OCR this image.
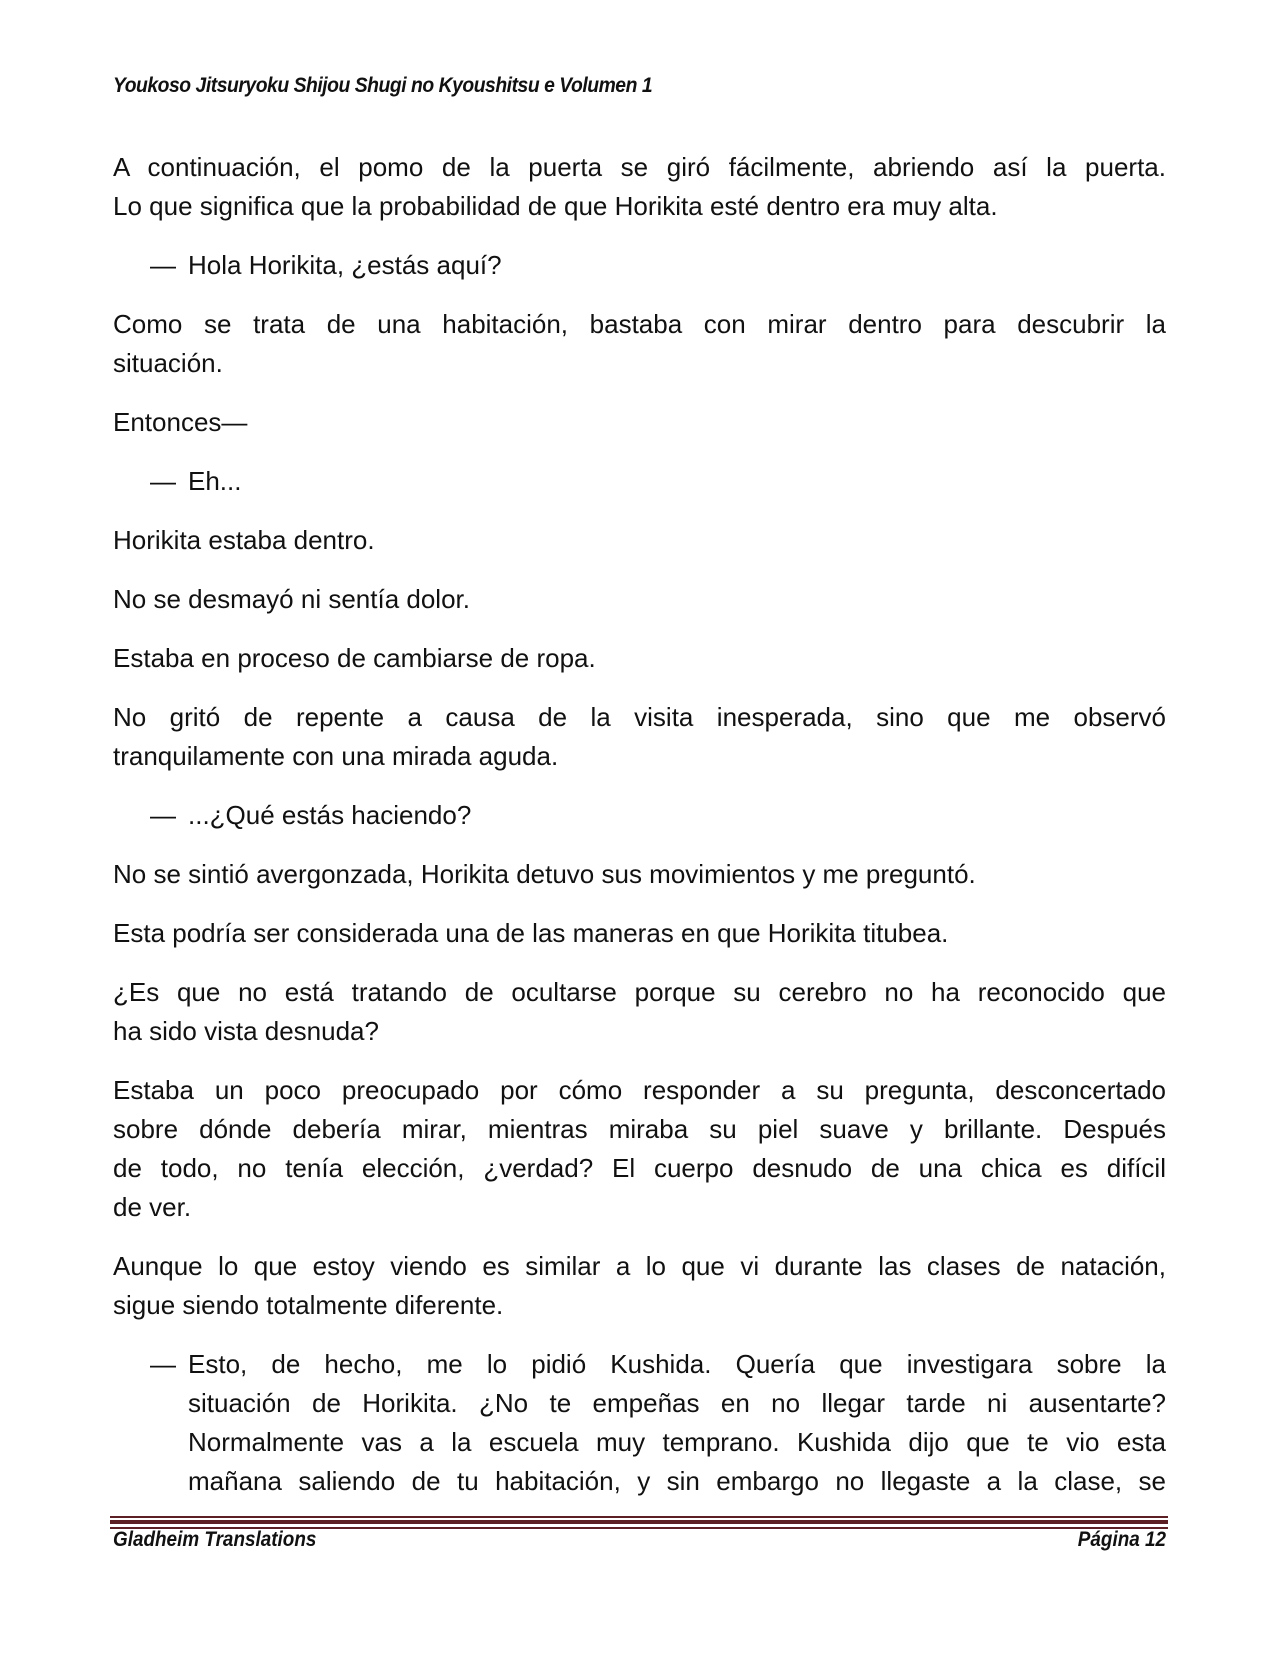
Youkoso Jitsuryoku Shijou Shugi no Kyoushitsu e Volumen 1
A continuación, el pomo de la puerta se giró fácilmente, abriendo así la puerta.
Lo que significa que la probabilidad de que Horikita esté dentro era muy alta.
— Hola Horikita, ¿estás aquí?
Como se trata de una habitación, bastaba con mirar dentro para descubrir la
situación.
Entonces—
— Eh...
Horikita estaba dentro.
No se desmayó ni sentía dolor.
Estaba en proceso de cambiarse de ropa.
No gritó de repente a causa de la visita inesperada, sino que me observó
tranquilamente con una mirada aguda.
— ...¿Qué estás haciendo?
No se sintió avergonzada, Horikita detuvo sus movimientos y me preguntó.
Esta podría ser considerada una de las maneras en que Horikita titubea.
¿Es que no está tratando de ocultarse porque su cerebro no ha reconocido que
ha sido vista desnuda?
Estaba un poco preocupado por cómo responder a su pregunta, desconcertado
sobre dónde debería mirar, mientras miraba su piel suave y brillante. Después
de todo, no tenía elección, ¿verdad? El cuerpo desnudo de una chica es difícil
de ver.
Aunque lo que estoy viendo es similar a lo que vi durante las clases de natación,
sigue siendo totalmente diferente.
— Esto, de hecho, me lo pidió Kushida. Quería que investigara sobre la
situación de Horikita. ¿No te empeñas en no llegar tarde ni ausentarte?
Normalmente vas a la escuela muy temprano. Kushida dijo que te vio esta
mañana saliendo de tu habitación, y sin embargo no llegaste a la clase, se
Gladheim Translations	Página 12
